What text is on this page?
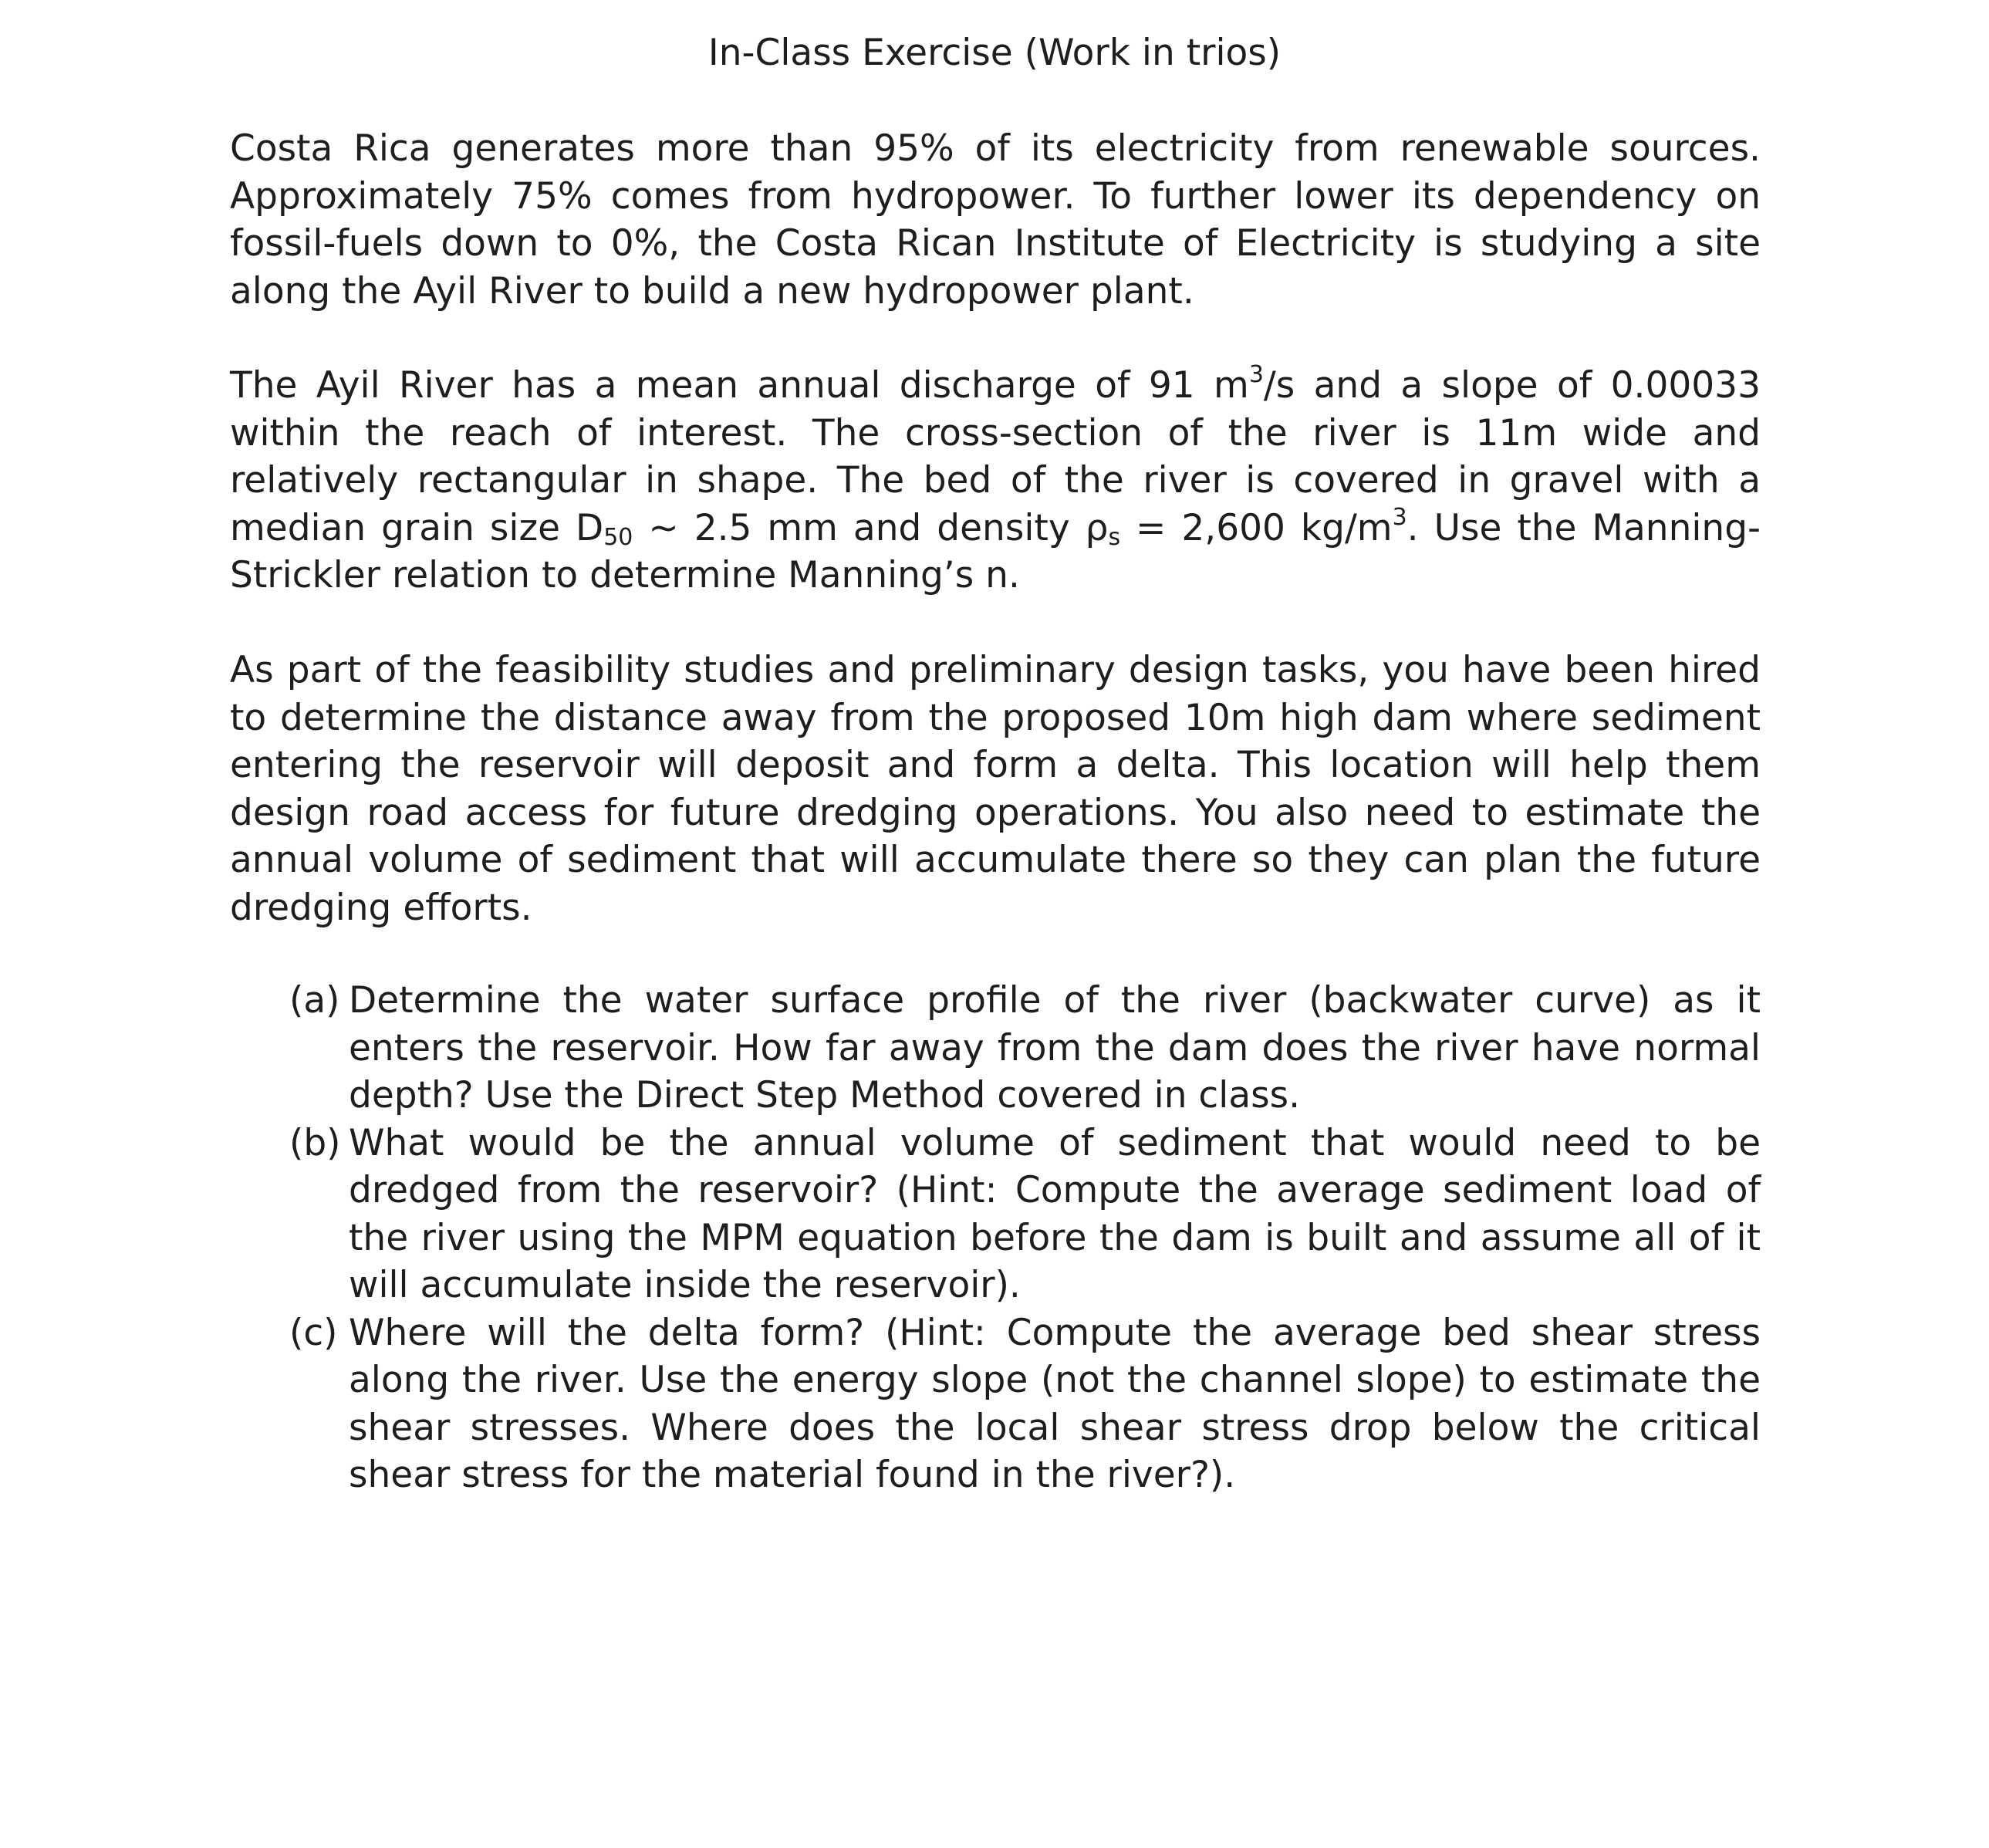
In-Class Exercise (Work in trios)

Costa Rica generates more than 95% of its electricity from renewable sources. Approximately 75% comes from hydropower. To further lower its dependency on fossil-fuels down to 0%, the Costa Rican Institute of Electricity is studying a site along the Ayil River to build a new hydropower plant.

The Ayil River has a mean annual discharge of 91 $m^3/s$ and a slope of 0.00033 within the reach of interest. The cross-section of the river is 11m wide and relatively rectangular in shape. The bed of the river is covered in gravel with a median grain size $D_{50}$ ~ 2.5 mm and density $\rho_s = 2,600$ $kg/m^3$. Use the Manning-Strickler relation to determine Manning’s n.

As part of the feasibility studies and preliminary design tasks, you have been hired to determine the distance away from the proposed 10m high dam where sediment entering the reservoir will deposit and form a delta. This location will help them design road access for future dredging operations. You also need to estimate the annual volume of sediment that will accumulate there so they can plan the future dredging efforts.

(a) Determine the water surface profile of the river (backwater curve) as it enters the reservoir. How far away from the dam does the river have normal depth? Use the Direct Step Method covered in class.
(b) What would be the annual volume of sediment that would need to be dredged from the reservoir? (Hint: Compute the average sediment load of the river using the MPM equation before the dam is built and assume all of it will accumulate inside the reservoir).
(c) Where will the delta form? (Hint: Compute the average bed shear stress along the river. Use the energy slope (not the channel slope) to estimate the shear stresses. Where does the local shear stress drop below the critical shear stress for the material found in the river?).
